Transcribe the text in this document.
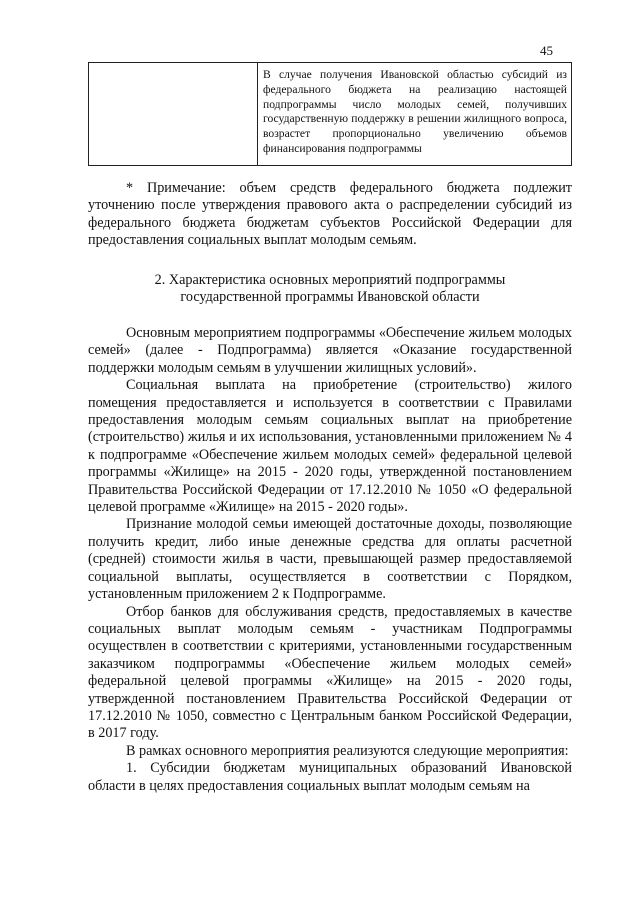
45
	В случае получения Ивановской областью субсидий из федерального бюджета на реализацию настоящей подпрограммы число молодых семей, получивших государственную поддержку в решении жилищного вопроса, возрастет пропорционально увеличению объемов финансирования подпрограммы

* Примечание: объем средств федерального бюджета подлежит уточнению после утверждения правового акта о распределении субсидий из федерального бюджета бюджетам субъектов Российской Федерации для предоставления социальных выплат молодым семьям.

2. Характеристика основных мероприятий подпрограммы
государственной программы Ивановской области

Основным мероприятием подпрограммы «Обеспечение жильем молодых семей» (далее - Подпрограмма) является «Оказание государственной поддержки молодым семьям в улучшении жилищных условий».

Социальная выплата на приобретение (строительство) жилого помещения предоставляется и используется в соответствии с Правилами предоставления молодым семьям социальных выплат на приобретение (строительство) жилья и их использования, установленными приложением № 4 к подпрограмме «Обеспечение жильем молодых семей» федеральной целевой программы «Жилище» на 2015 - 2020 годы, утвержденной постановлением Правительства Российской Федерации от 17.12.2010 № 1050 «О федеральной целевой программе «Жилище» на 2015 - 2020 годы».

Признание молодой семьи имеющей достаточные доходы, позволяющие получить кредит, либо иные денежные средства для оплаты расчетной (средней) стоимости жилья в части, превышающей размер предоставляемой социальной выплаты, осуществляется в соответствии с Порядком, установленным приложением 2 к Подпрограмме.

Отбор банков для обслуживания средств, предоставляемых в качестве социальных выплат молодым семьям - участникам Подпрограммы осуществлен в соответствии с критериями, установленными государственным заказчиком подпрограммы «Обеспечение жильем молодых семей» федеральной целевой программы «Жилище» на 2015 - 2020 годы, утвержденной постановлением Правительства Российской Федерации от 17.12.2010 № 1050, совместно с Центральным банком Российской Федерации, в 2017 году.

В рамках основного мероприятия реализуются следующие мероприятия:

1. Субсидии бюджетам муниципальных образований Ивановской области в целях предоставления социальных выплат молодым семьям на
